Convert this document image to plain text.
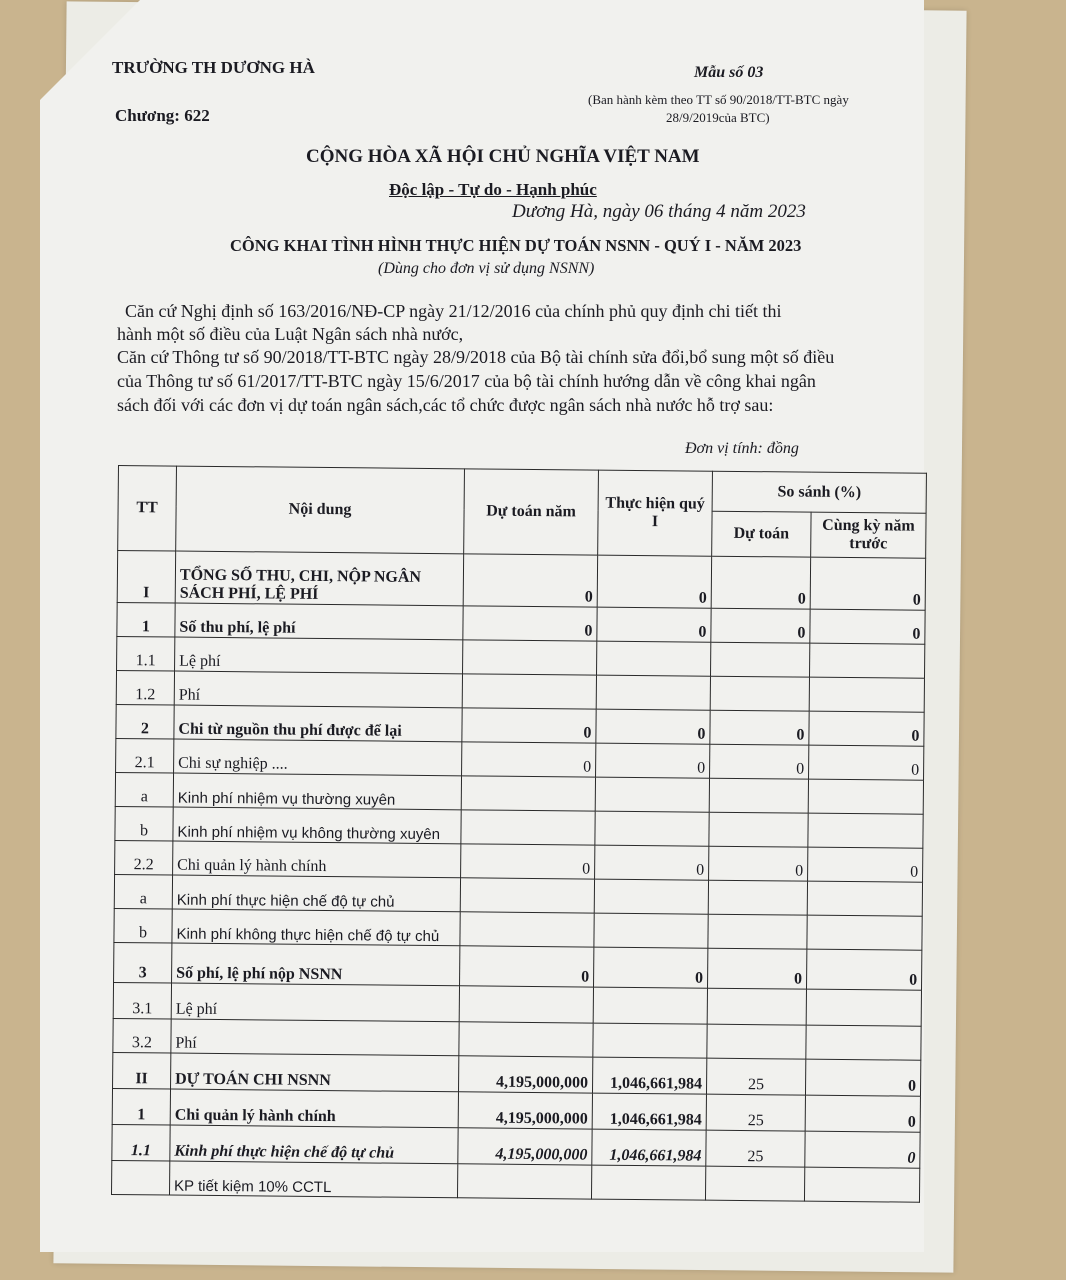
TRƯỜNG TH DƯƠNG HÀ
Chương: 622
Mẫu số 03
(Ban hành kèm theo TT số 90/2018/TT-BTC ngày
28/9/2019của BTC)
CỘNG HÒA XÃ HỘI CHỦ NGHĨA VIỆT NAM
Độc lập - Tự do - Hạnh phúc
Dương Hà, ngày 06 tháng 4 năm 2023
CÔNG KHAI TÌNH HÌNH THỰC HIỆN DỰ TOÁN NSNN - QUÝ I - NĂM 2023
(Dùng cho đơn vị sử dụng NSNN)
Căn cứ Nghị định số 163/2016/NĐ-CP ngày 21/12/2016 của chính phủ quy định chi tiết thi
hành một số điều của Luật Ngân sách nhà nước,
Căn cứ Thông tư số 90/2018/TT-BTC ngày 28/9/2018 của Bộ tài chính sửa đổi,bổ sung một số điều
của Thông tư số 61/2017/TT-BTC ngày 15/6/2017 của bộ tài chính hướng dẫn về công khai ngân
sách đối với các đơn vị dự toán ngân sách,các tổ chức được ngân sách nhà nước hỗ trợ sau:
Đơn vị tính: đồng
TT	Nội dung	Dự toán năm	Thực hiện quý I	So sánh (%)	
				Dự toán	Cùng kỳ năm trước
I	TỔNG SỐ THU, CHI, NỘP NGÂN SÁCH PHÍ, LỆ PHÍ	0	0	0	0
1	Số thu phí, lệ phí	0	0	0	0
1.1	Lệ phí				
1.2	Phí				
2	Chi từ nguồn thu phí được để lại	0	0	0	0
2.1	Chi sự nghiệp ....	0	0	0	0
a	Kinh phí nhiệm vụ thường xuyên				
b	Kinh phí nhiệm vụ không thường xuyên				
2.2	Chi quản lý hành chính	0	0	0	0
a	Kinh phí thực hiện chế độ tự chủ				
b	Kinh phí không thực hiện chế độ tự chủ				
3	Số phí, lệ phí nộp NSNN	0	0	0	0
3.1	Lệ phí				
3.2	Phí				
II	DỰ TOÁN CHI NSNN	4,195,000,000	1,046,661,984	25	0
1	Chi quản lý hành chính	4,195,000,000	1,046,661,984	25	0
1.1	Kinh phí thực hiện chế độ tự chủ	4,195,000,000	1,046,661,984	25	0
	KP tiết kiệm 10% CCTL				
